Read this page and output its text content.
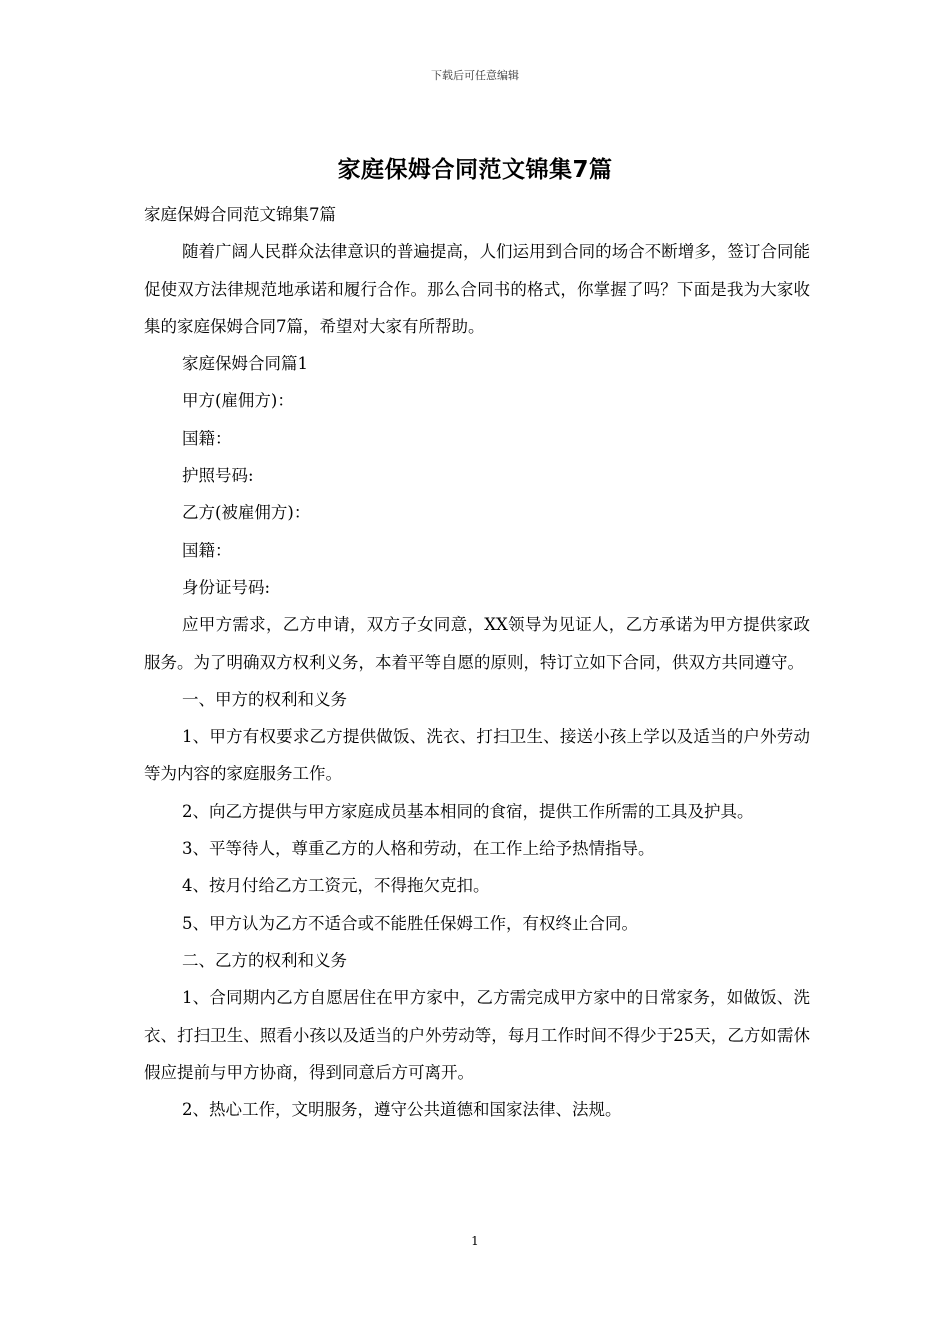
下载后可任意编辑
家庭保姆合同范文锦集7篇

家庭保姆合同范文锦集7篇

随着广阔人民群众法律意识的普遍提高，人们运用到合同的场合不断增多，签订合同能促使双方法律规范地承诺和履行合作。那么合同书的格式，你掌握了吗？下面是我为大家收集的家庭保姆合同7篇，希望对大家有所帮助。

家庭保姆合同篇1

甲方(雇佣方)：

国籍：

护照号码:

乙方(被雇佣方)：

国籍：

身份证号码:

应甲方需求，乙方申请，双方子女同意，XX领导为见证人，乙方承诺为甲方提供家政服务。为了明确双方权利义务，本着平等自愿的原则，特订立如下合同，供双方共同遵守。

一、甲方的权利和义务

1、甲方有权要求乙方提供做饭、洗衣、打扫卫生、接送小孩上学以及适当的户外劳动等为内容的家庭服务工作。

2、向乙方提供与甲方家庭成员基本相同的食宿，提供工作所需的工具及护具。

3、平等待人，尊重乙方的人格和劳动，在工作上给予热情指导。

4、按月付给乙方工资元，不得拖欠克扣。

5、甲方认为乙方不适合或不能胜任保姆工作，有权终止合同。

二、乙方的权利和义务

1、合同期内乙方自愿居住在甲方家中，乙方需完成甲方家中的日常家务，如做饭、洗衣、打扫卫生、照看小孩以及适当的户外劳动等，每月工作时间不得少于25天，乙方如需休假应提前与甲方协商，得到同意后方可离开。

2、热心工作，文明服务，遵守公共道德和国家法律、法规。

1
